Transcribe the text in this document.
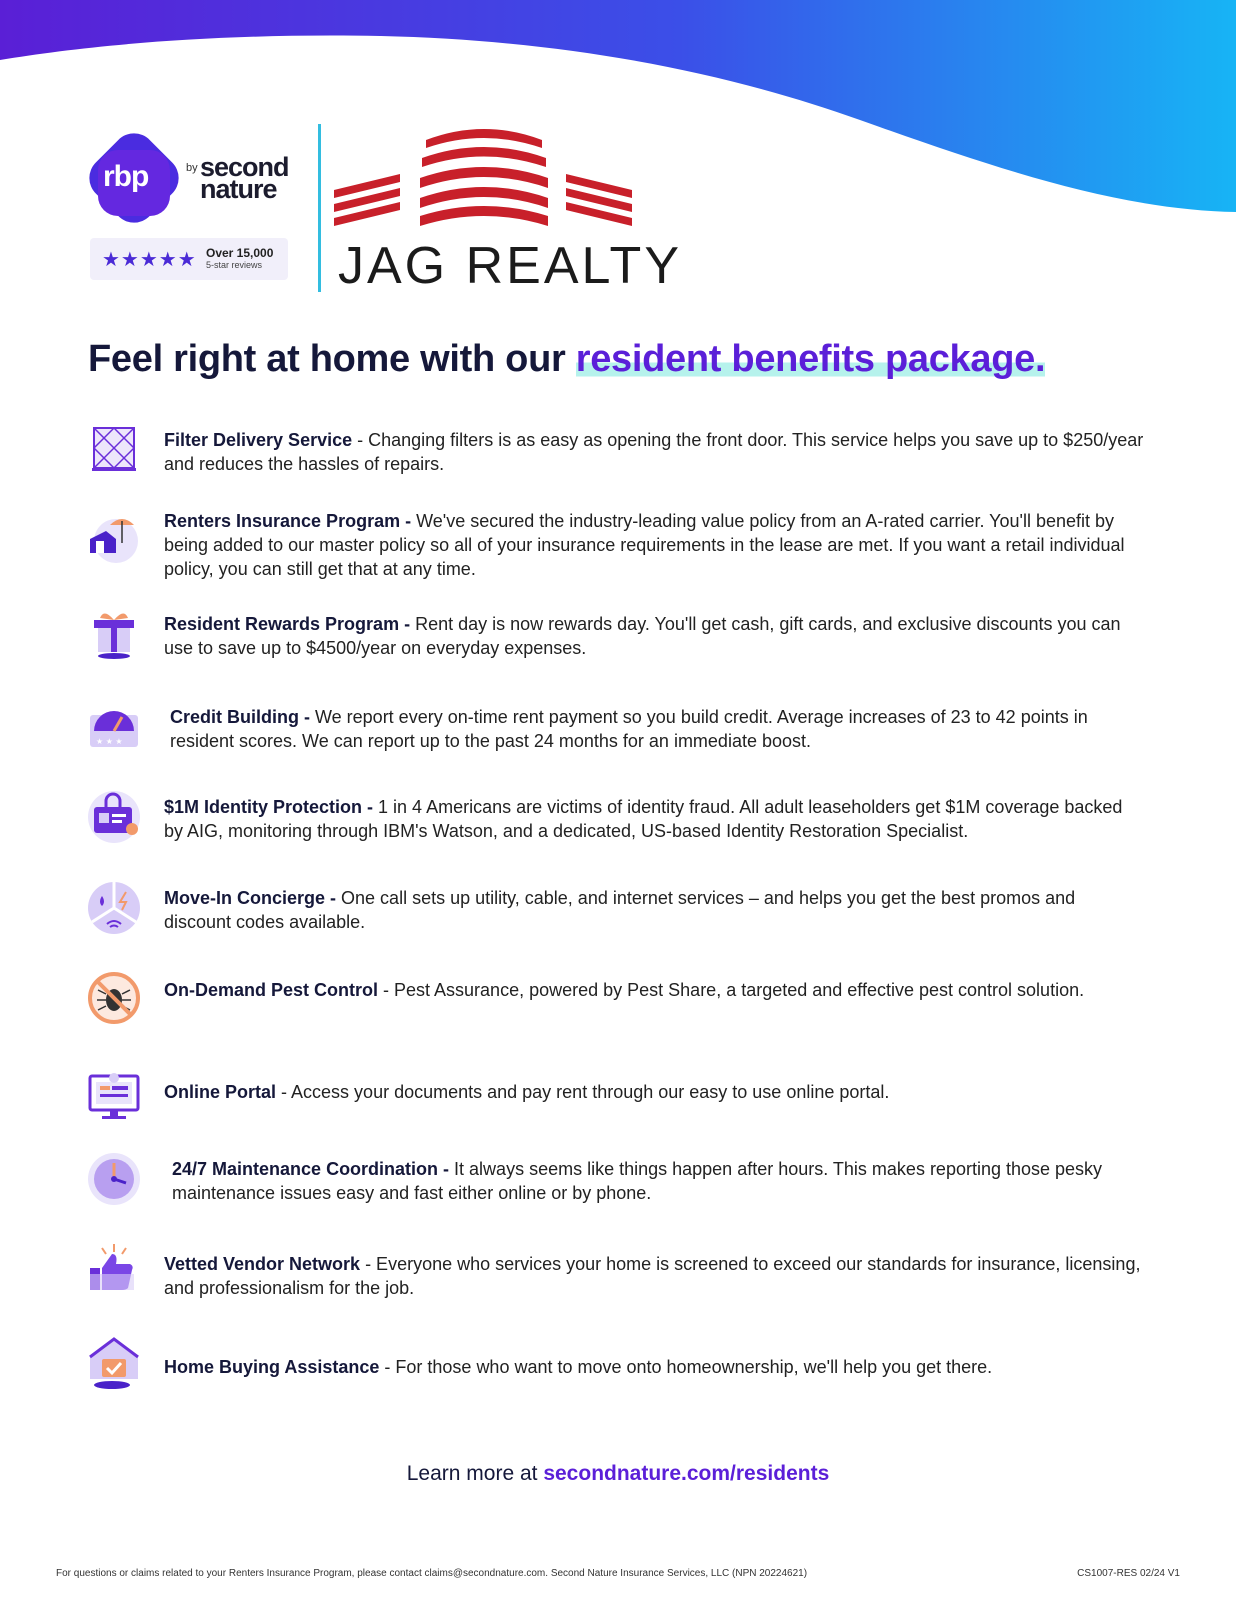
rbp	by second nature
★★★★★ Over 15,000
5-star reviews JAG REALTY
Feel right at home with our resident benefits package.
Filter Delivery Service - Changing filters is as easy as opening the front door. This service helps you save up to $250/year and reduces the hassles of repairs.
Renters Insurance Program - We've secured the industry-leading value policy from an A-rated carrier. You'll benefit by being added to our master policy so all of your insurance requirements in the lease are met. If you want a retail individual policy, you can still get that at any time.
Resident Rewards Program - Rent day is now rewards day. You'll get cash, gift cards, and exclusive discounts you can use to save up to $4500/year on everyday expenses.
★ ★ ★
Credit Building - We report every on-time rent payment so you build credit. Average increases of 23 to 42 points in resident scores. We can report up to the past 24 months for an immediate boost.
$1M Identity Protection - 1 in 4 Americans are victims of identity fraud. All adult leaseholders get $1M coverage backed by AIG, monitoring through IBM's Watson, and a dedicated, US-based Identity Restoration Specialist.
Move-In Concierge - One call sets up utility, cable, and internet services – and helps you get the best promos and discount codes available.
On-Demand Pest Control - Pest Assurance, powered by Pest Share, a targeted and effective pest control solution.
Online Portal - Access your documents and pay rent through our easy to use online portal.
24/7 Maintenance Coordination - It always seems like things happen after hours. This makes reporting those pesky maintenance issues easy and fast either online or by phone.
Vetted Vendor Network - Everyone who services your home is screened to exceed our standards for insurance, licensing, and professionalism for the job.
Home Buying Assistance - For those who want to move onto homeownership, we'll help you get there.
Learn more at secondnature.com/residents
For questions or claims related to your Renters Insurance Program, please contact claims@secondnature.com. Second Nature Insurance Services, LLC (NPN 20224621)	CS1007-RES 02/24 V1
